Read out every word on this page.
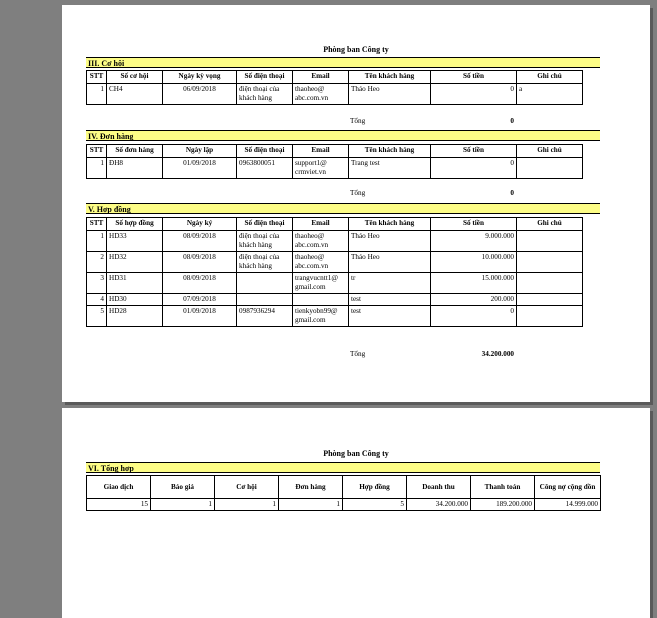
Phòng ban Công ty
III. Cơ hội
STT	Số cơ hội	Ngày kỳ vọng	Số điện thoại	Email	Tên khách hàng	Số tiền	Ghi chú
1	CH4	06/09/2018	điện thoại của khách hàng	thaoheo@ abc.com.vn	Tháo Heo	0	a
Tổng	0
IV. Đơn hàng
STT	Số đơn hàng	Ngày lập	Số điện thoại	Email	Tên khách hàng	Số tiền	Ghi chú
1	ĐH8	01/09/2018	0963800051	support1@ crmviet.vn	Trang test	0	
Tổng	0
V. Hợp đồng
STT	Số hợp đồng	Ngày ký	Số điện thoại	Email	Tên khách hàng	Số tiền	Ghi chú
1	HD33	08/09/2018	điện thoại của khách hàng	thaoheo@ abc.com.vn	Tháo Heo	9.000.000	
2	HD32	08/09/2018	điện thoại của khách hàng	thaoheo@ abc.com.vn	Tháo Heo	10.000.000	
3	HD31	08/09/2018		trangvucntt1@ gmail.com	tr	15.000.000	
4	HD30	07/09/2018			test	200.000	
5	HD28	01/09/2018	0987936294	tienkyobn99@ gmail.com	test	0	
Tổng	34.200.000
Phòng ban Công ty
VI. Tổng hợp
Giao dịch	Báo giá	Cơ hội	Đơn hàng	Hợp đồng	Doanh thu	Thanh toán	Công nợ cộng dồn
15	1	1	1	5	34.200.000	189.200.000	14.999.000
